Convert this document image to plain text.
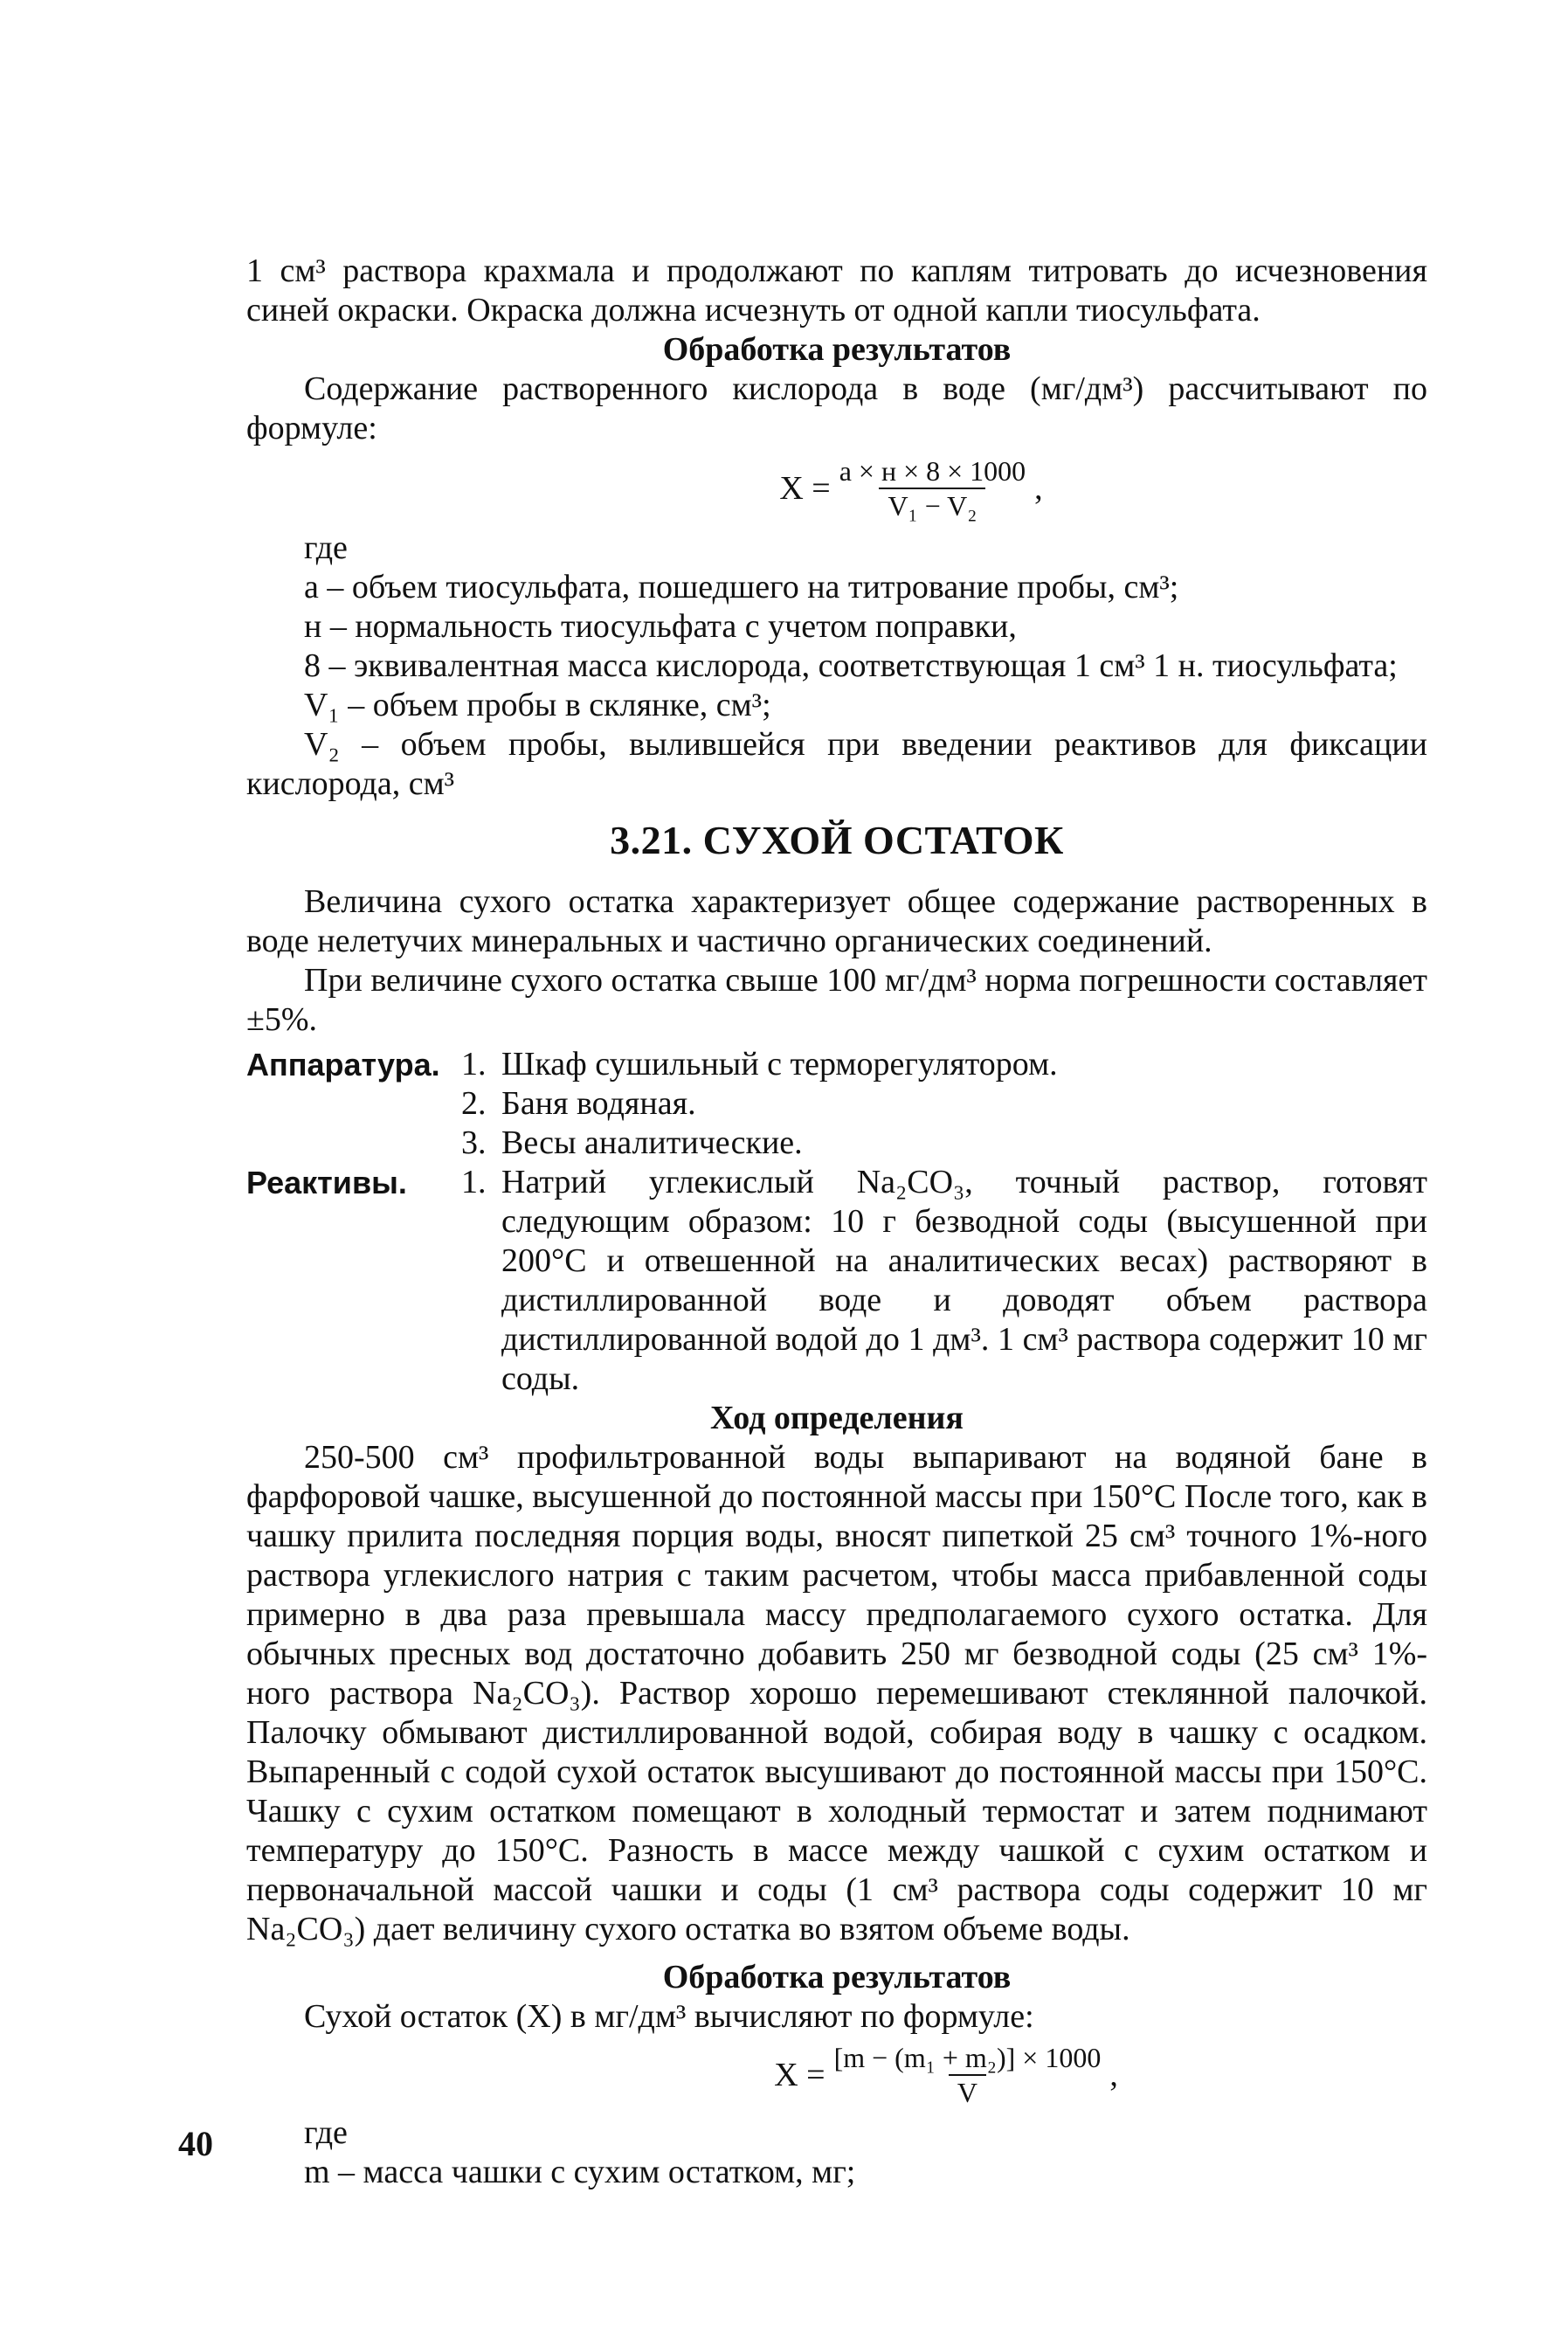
1 см³ раствора крахмала и продолжают по каплям титровать до исчезновения синей окраски. Окраска должна исчезнуть от одной капли тиосульфата.

Обработка результатов

Содержание растворенного кислорода в воде (мг/дм³) рассчитывают по формуле:

$X = \frac{a \times н \times 8 \times 1000}{\text{V₁ − V₂}}$ ,

где

a – объем тиосульфата, пошедшего на титрование пробы, см³;

н – нормальность тиосульфата с учетом поправки,

8 – эквивалентная масса кислорода, соответствующая 1 см³ 1 н. тиосульфата;

V₁ – объем пробы в склянке, см³;

V₂ – объем пробы, вылившейся при введении реактивов для фиксации кислорода, см³

3.21. СУХОЙ ОСТАТОК

Величина сухого остатка характеризует общее содержание растворенных в воде нелетучих минеральных и частично органических соединений.

При величине сухого остатка свыше 100 мг/дм³ норма погрешности составляет ±5%.

Аппаратура. 1. Шкаф сушильный с терморегулятором.
2. Баня водяная.
3. Весы аналитические.
Реактивы.	1. Натрий углекислый Na₂CO₃, точный раствор, готовят следующим образом: 10 г безводной соды (высушенной при 200°С и отвешенной на аналитических весах) растворяют в дистиллированной воде и доводят объем раствора дистиллированной водой до 1 дм³. 1 см³ раствора содержит 10 мг соды.
Ход определения

250-500 см³ профильтрованной воды выпаривают на водяной бане в фарфоровой чашке, высушенной до постоянной массы при 150°С После того, как в чашку прилита последняя порция воды, вносят пипеткой 25 см³ точного 1%-ного раствора углекислого натрия с таким расчетом, чтобы масса прибавленной соды примерно в два раза превышала массу предполагаемого сухого остатка. Для обычных пресных вод достаточно добавить 250 мг безводной соды (25 см³ 1%-ного раствора Na₂CO₃). Раствор хорошо перемешивают стеклянной палочкой. Палочку обмывают дистиллированной водой, собирая воду в чашку с осадком. Выпаренный с содой сухой остаток высушивают до постоянной массы при 150°С. Чашку с сухим остатком помещают в холодный термостат и затем поднимают температуру до 150°С. Разность в массе между чашкой с сухим остатком и первоначальной массой чашки и соды (1 см³ раствора соды содержит 10 мг Na₂CO₃) дает величину сухого остатка во взятом объеме воды.

Обработка результатов

Сухой остаток (X) в мг/дм³ вычисляют по формуле:

$X = \frac{\text{[m − (m₁ + m₂)] × 1000}}{V}$ ,

где

m – масса чашки с сухим остатком, мг;

40
